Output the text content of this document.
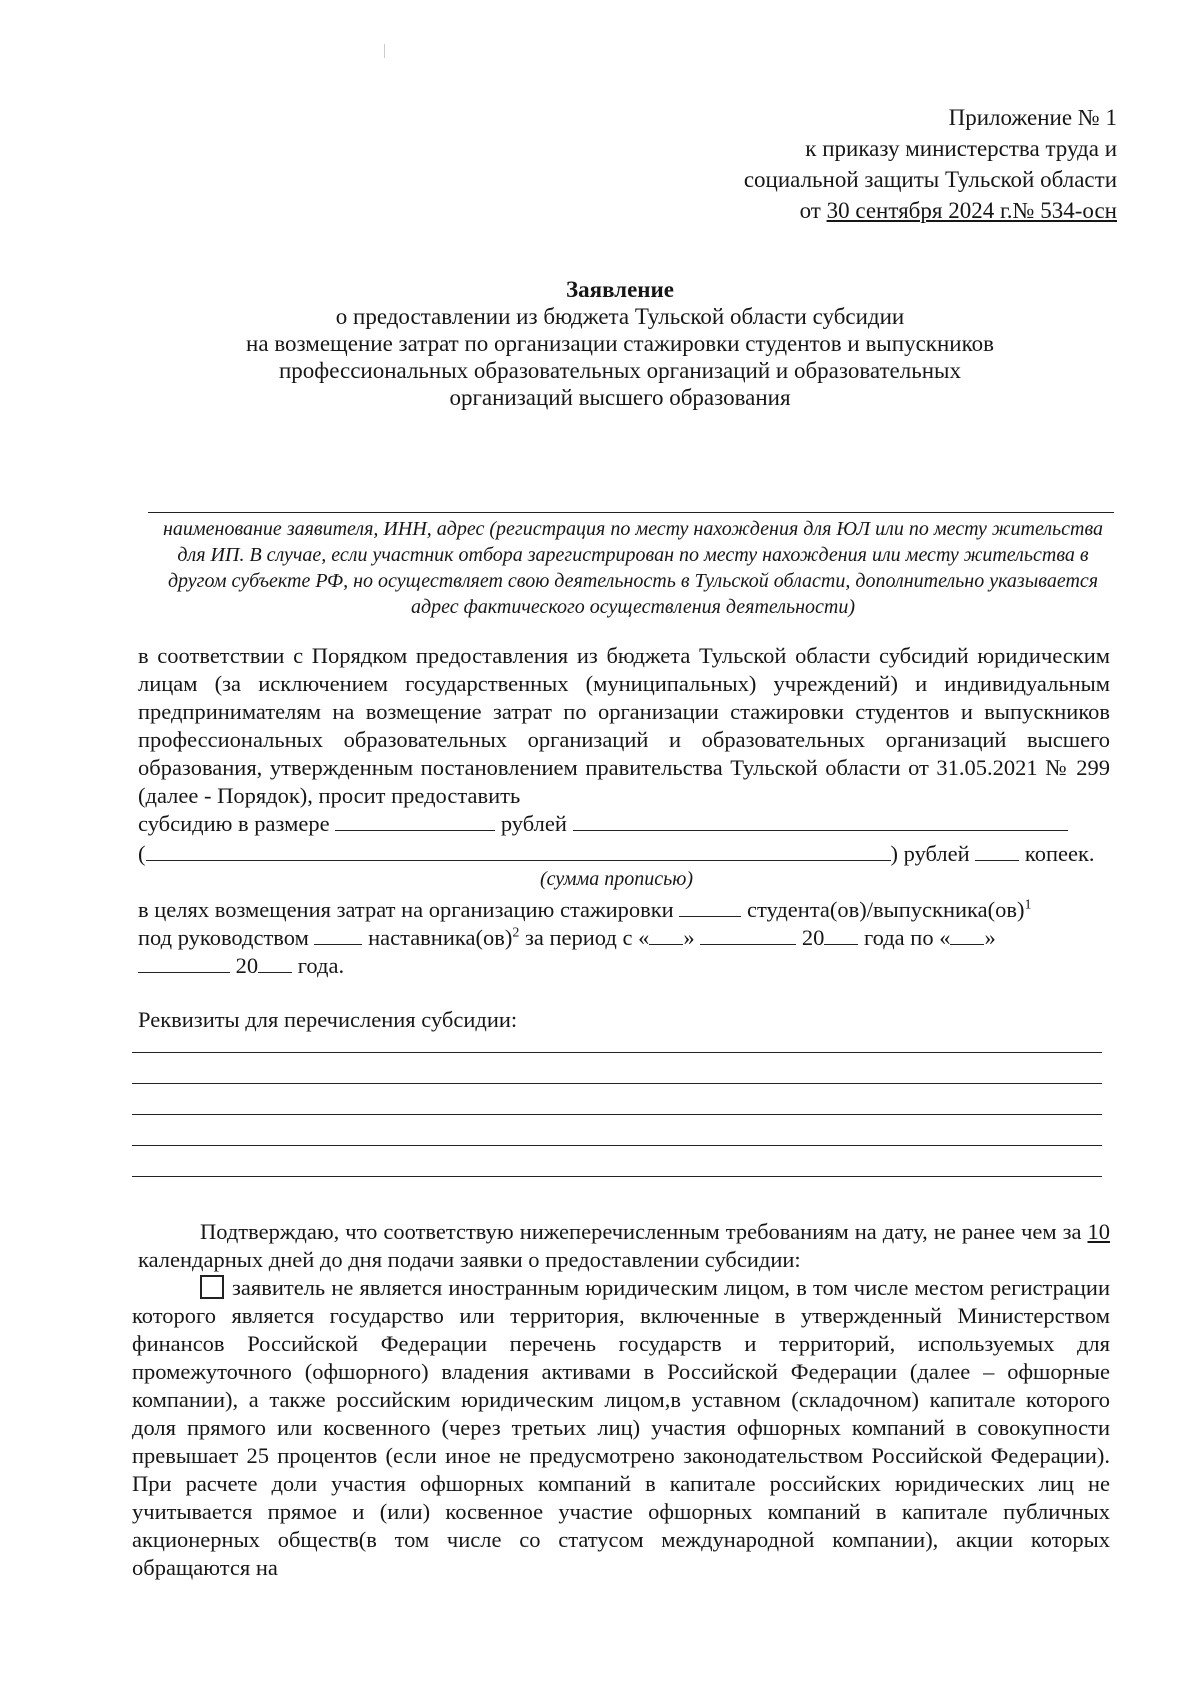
Приложение № 1
к приказу министерства труда и
социальной защиты Тульской области
от 30 сентября 2024 г.№ 534-осн
Заявление
о предоставлении из бюджета Тульской области субсидии
на возмещение затрат по организации стажировки студентов и выпускников
профессиональных образовательных организаций и образовательных
организаций высшего образования
наименование заявителя, ИНН, адрес (регистрация по месту нахождения для ЮЛ или по месту жительства для ИП. В случае, если участник отбора зарегистрирован по месту нахождения или месту жительства в другом субъекте РФ, но осуществляет свою деятельность в Тульской области, дополнительно указывается адрес фактического осуществления деятельности)
в соответствии с Порядком предоставления из бюджета Тульской области субсидий юридическим лицам (за исключением государственных (муниципальных) учреждений) и индивидуальным предпринимателям на возмещение затрат по организации стажировки студентов и выпускников профессиональных образовательных организаций и образовательных организаций высшего образования, утвержденным постановлением правительства Тульской области от 31.05.2021 № 299 (далее - Порядок), просит предоставить
субсидию в размере	рублей
(	) рублей копеек.
(сумма прописью)
в целях возмещения затрат на организацию стажировки	студента(ов)/выпускника(ов)$^1$
под руководством	наставника(ов)$^2$ за период с « »	20 года по « »
20 года.
Реквизиты для перечисления субсидии:
Подтверждаю, что соответствую нижеперечисленным требованиям на дату, не ранее чем за 10 календарных дней до дня подачи заявки о предоставлении субсидии:
заявитель не является иностранным юридическим лицом, в том числе местом регистрации которого является государство или территория, включенные в утвержденный Министерством финансов Российской Федерации перечень государств и территорий, используемых для промежуточного (офшорного) владения активами в Российской Федерации (далее – офшорные компании), а также российским юридическим лицом,в уставном (складочном) капитале которого доля прямого или косвенного (через третьих лиц) участия офшорных компаний в совокупности превышает 25 процентов (если иное не предусмотрено законодательством Российской Федерации). При расчете доли участия офшорных компаний в капитале российских юридических лиц не учитывается прямое и (или) косвенное участие офшорных компаний в капитале публичных акционерных обществ(в том числе со статусом международной компании), акции которых обращаются на
